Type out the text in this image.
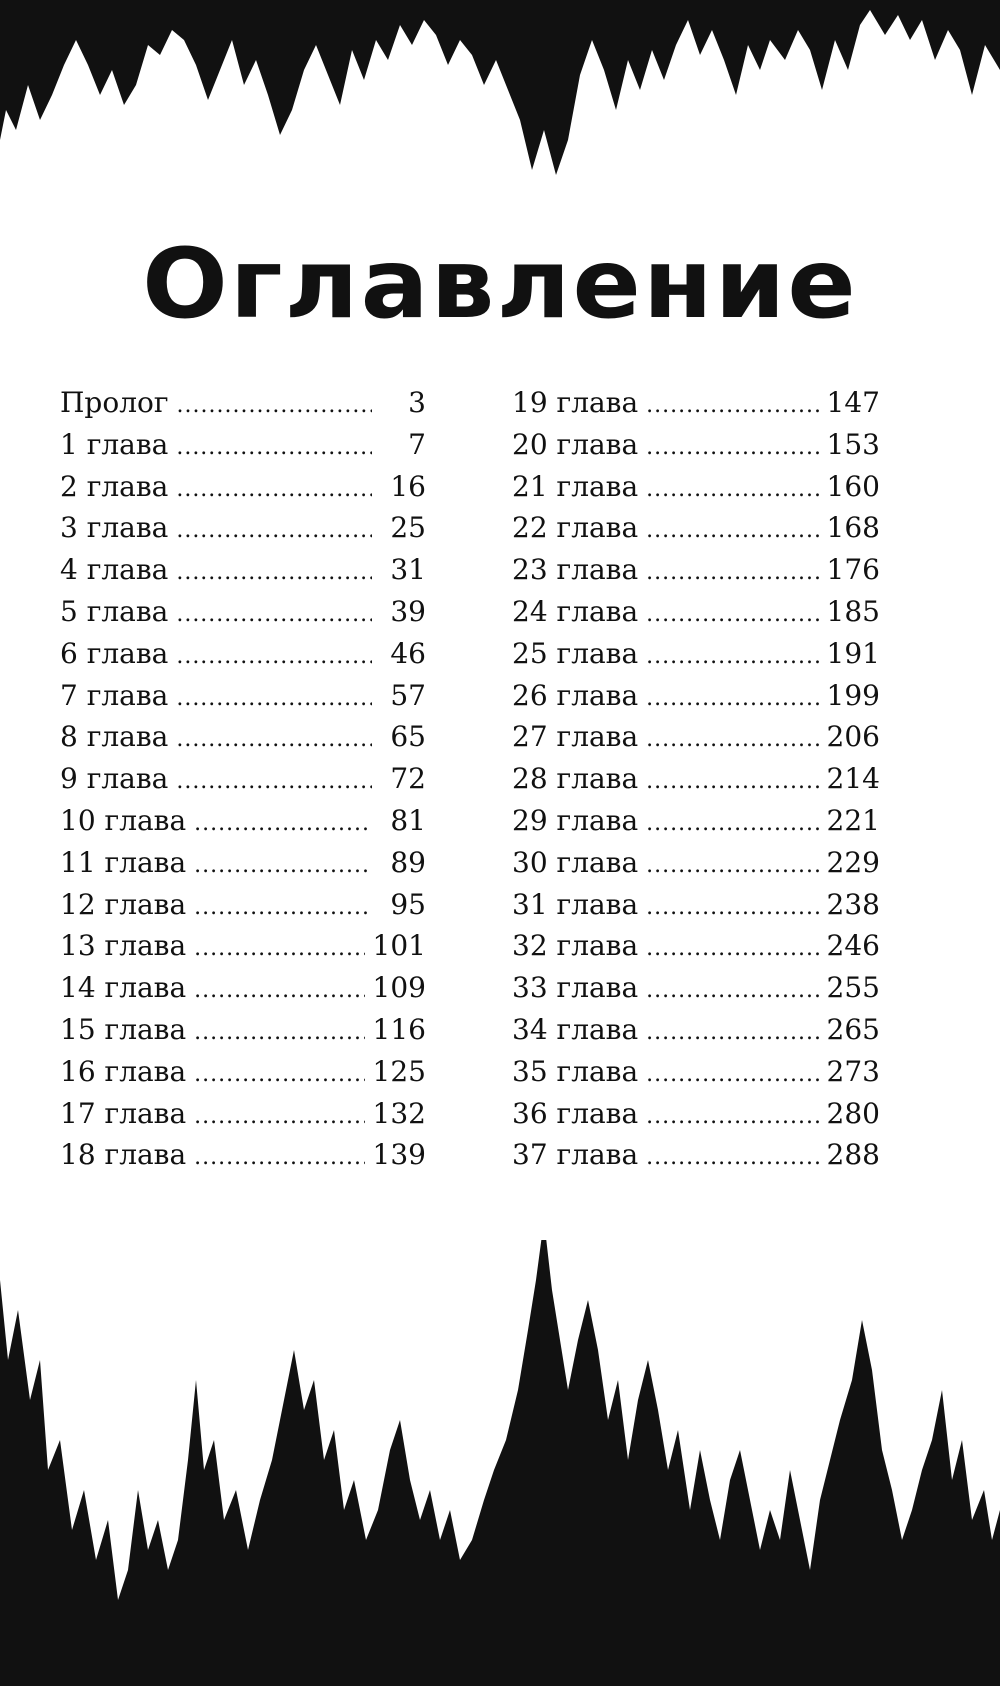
Оглавление
Пролог .....	3
1 глава .....	7
2 глава .....	16
3 глава .....	25
4 глава .....	31
5 глава .....	39
6 глава .....	46
7 глава .....	57
8 глава .....	65
9 глава .....	72
10 глава .....	81
11 глава .....	89
12 глава .....	95
13 глава .....	101
14 глава .....	109
15 глава .....	116
16 глава .....	125
17 глава .....	132
18 глава .....	139
19 глава .....	147
20 глава .....	153
21 глава .....	160
22 глава .....	168
23 глава .....	176
24 глава .....	185
25 глава .....	191
26 глава .....	199
27 глава .....	206
28 глава .....	214
29 глава .....	221
30 глава .....	229
31 глава .....	238
32 глава .....	246
33 глава .....	255
34 глава .....	265
35 глава .....	273
36 глава .....	280
37 глава .....	288
